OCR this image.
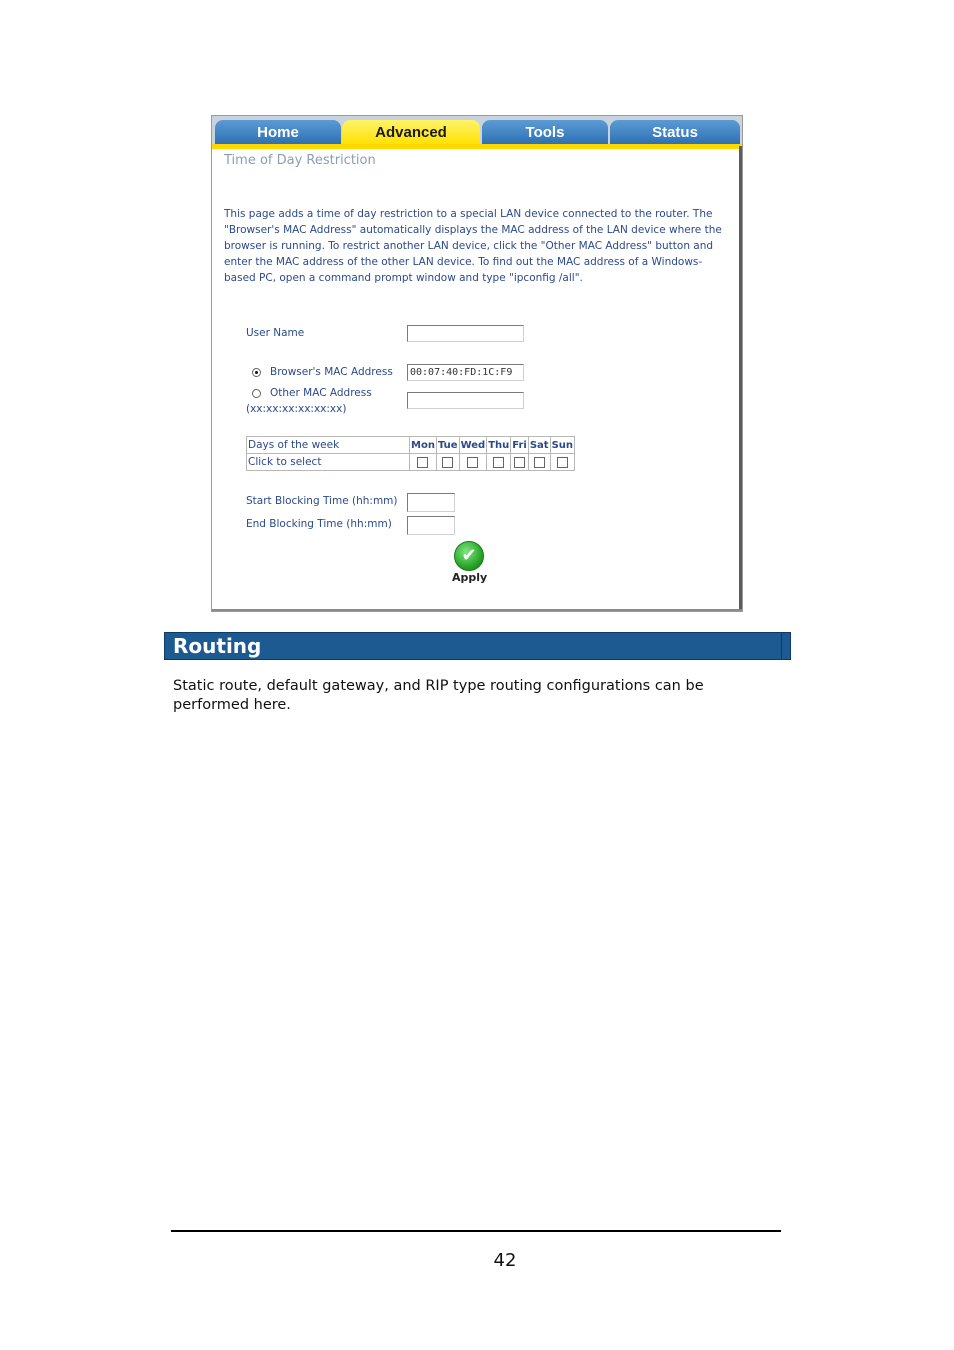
Home	Advanced	Tools	Status
Time of Day Restriction
This page adds a time of day restriction to a special LAN device connected to the router. The "Browser's MAC Address" automatically displays the MAC address of the LAN device where the browser is running. To restrict another LAN device, click the "Other MAC Address" button and enter the MAC address of the other LAN device. To find out the MAC address of a Windows-based PC, open a command prompt window and type "ipconfig /all".
User Name
Browser's MAC Address	00:07:40:FD:1C:F9
Other MAC Address
(xx:xx:xx:xx:xx:xx)
Days of the week	Mon	Tue	Wed	Thu	Fri	Sat	Sun
Click to select							
Start Blocking Time (hh:mm)
End Blocking Time (hh:mm)
✔
Apply
Routing
Static route, default gateway, and RIP type routing configurations can be performed here.
42
